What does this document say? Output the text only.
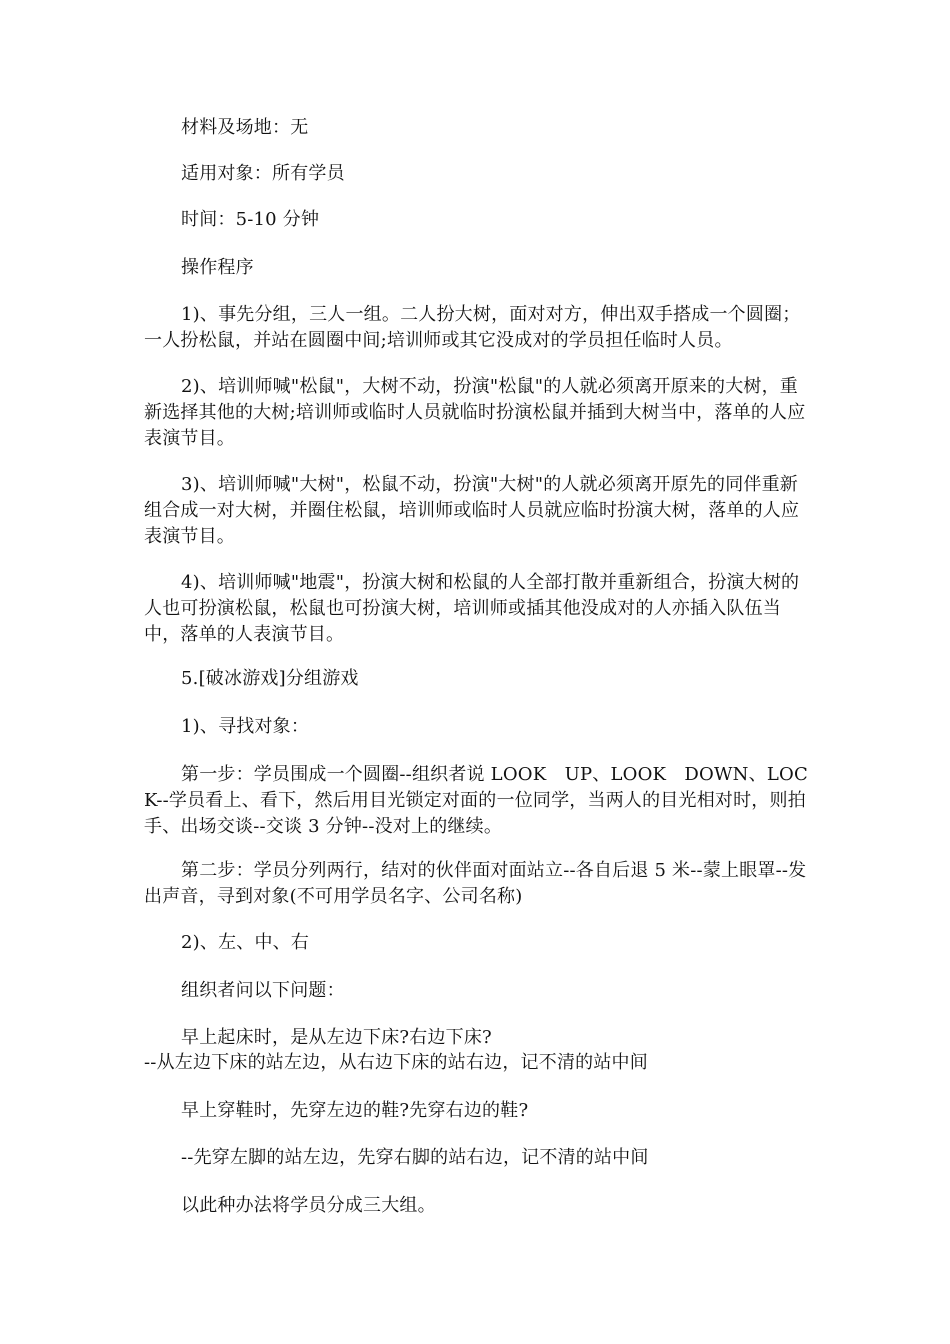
材料及场地：无
适用对象：所有学员
时间：5-10 分钟
操作程序
1)、事先分组，三人一组。二人扮大树，面对对方，伸出双手搭成一个圆圈；一人扮松鼠，并站在圆圈中间;培训师或其它没成对的学员担任临时人员。
2)、培训师喊"松鼠"，大树不动，扮演"松鼠"的人就必须离开原来的大树，重新选择其他的大树;培训师或临时人员就临时扮演松鼠并插到大树当中，落单的人应表演节目。
3)、培训师喊"大树"，松鼠不动，扮演"大树"的人就必须离开原先的同伴重新组合成一对大树，并圈住松鼠，培训师或临时人员就应临时扮演大树，落单的人应表演节目。
4)、培训师喊"地震"，扮演大树和松鼠的人全部打散并重新组合，扮演大树的人也可扮演松鼠，松鼠也可扮演大树，培训师或插其他没成对的人亦插入队伍当中，落单的人表演节目。
5.[破冰游戏]分组游戏
1)、寻找对象：
第一步：学员围成一个圆圈--组织者说 LOOK　UP、LOOK　DOWN、LOCK--学员看上、看下，然后用目光锁定对面的一位同学，当两人的目光相对时，则拍手、出场交谈--交谈 3 分钟--没对上的继续。
第二步：学员分列两行，结对的伙伴面对面站立--各自后退 5 米--蒙上眼罩--发出声音，寻到对象(不可用学员名字、公司名称)
2)、左、中、右
组织者问以下问题：
早上起床时，是从左边下床?右边下床?
--从左边下床的站左边，从右边下床的站右边，记不清的站中间
早上穿鞋时，先穿左边的鞋?先穿右边的鞋?
--先穿左脚的站左边，先穿右脚的站右边，记不清的站中间
以此种办法将学员分成三大组。
